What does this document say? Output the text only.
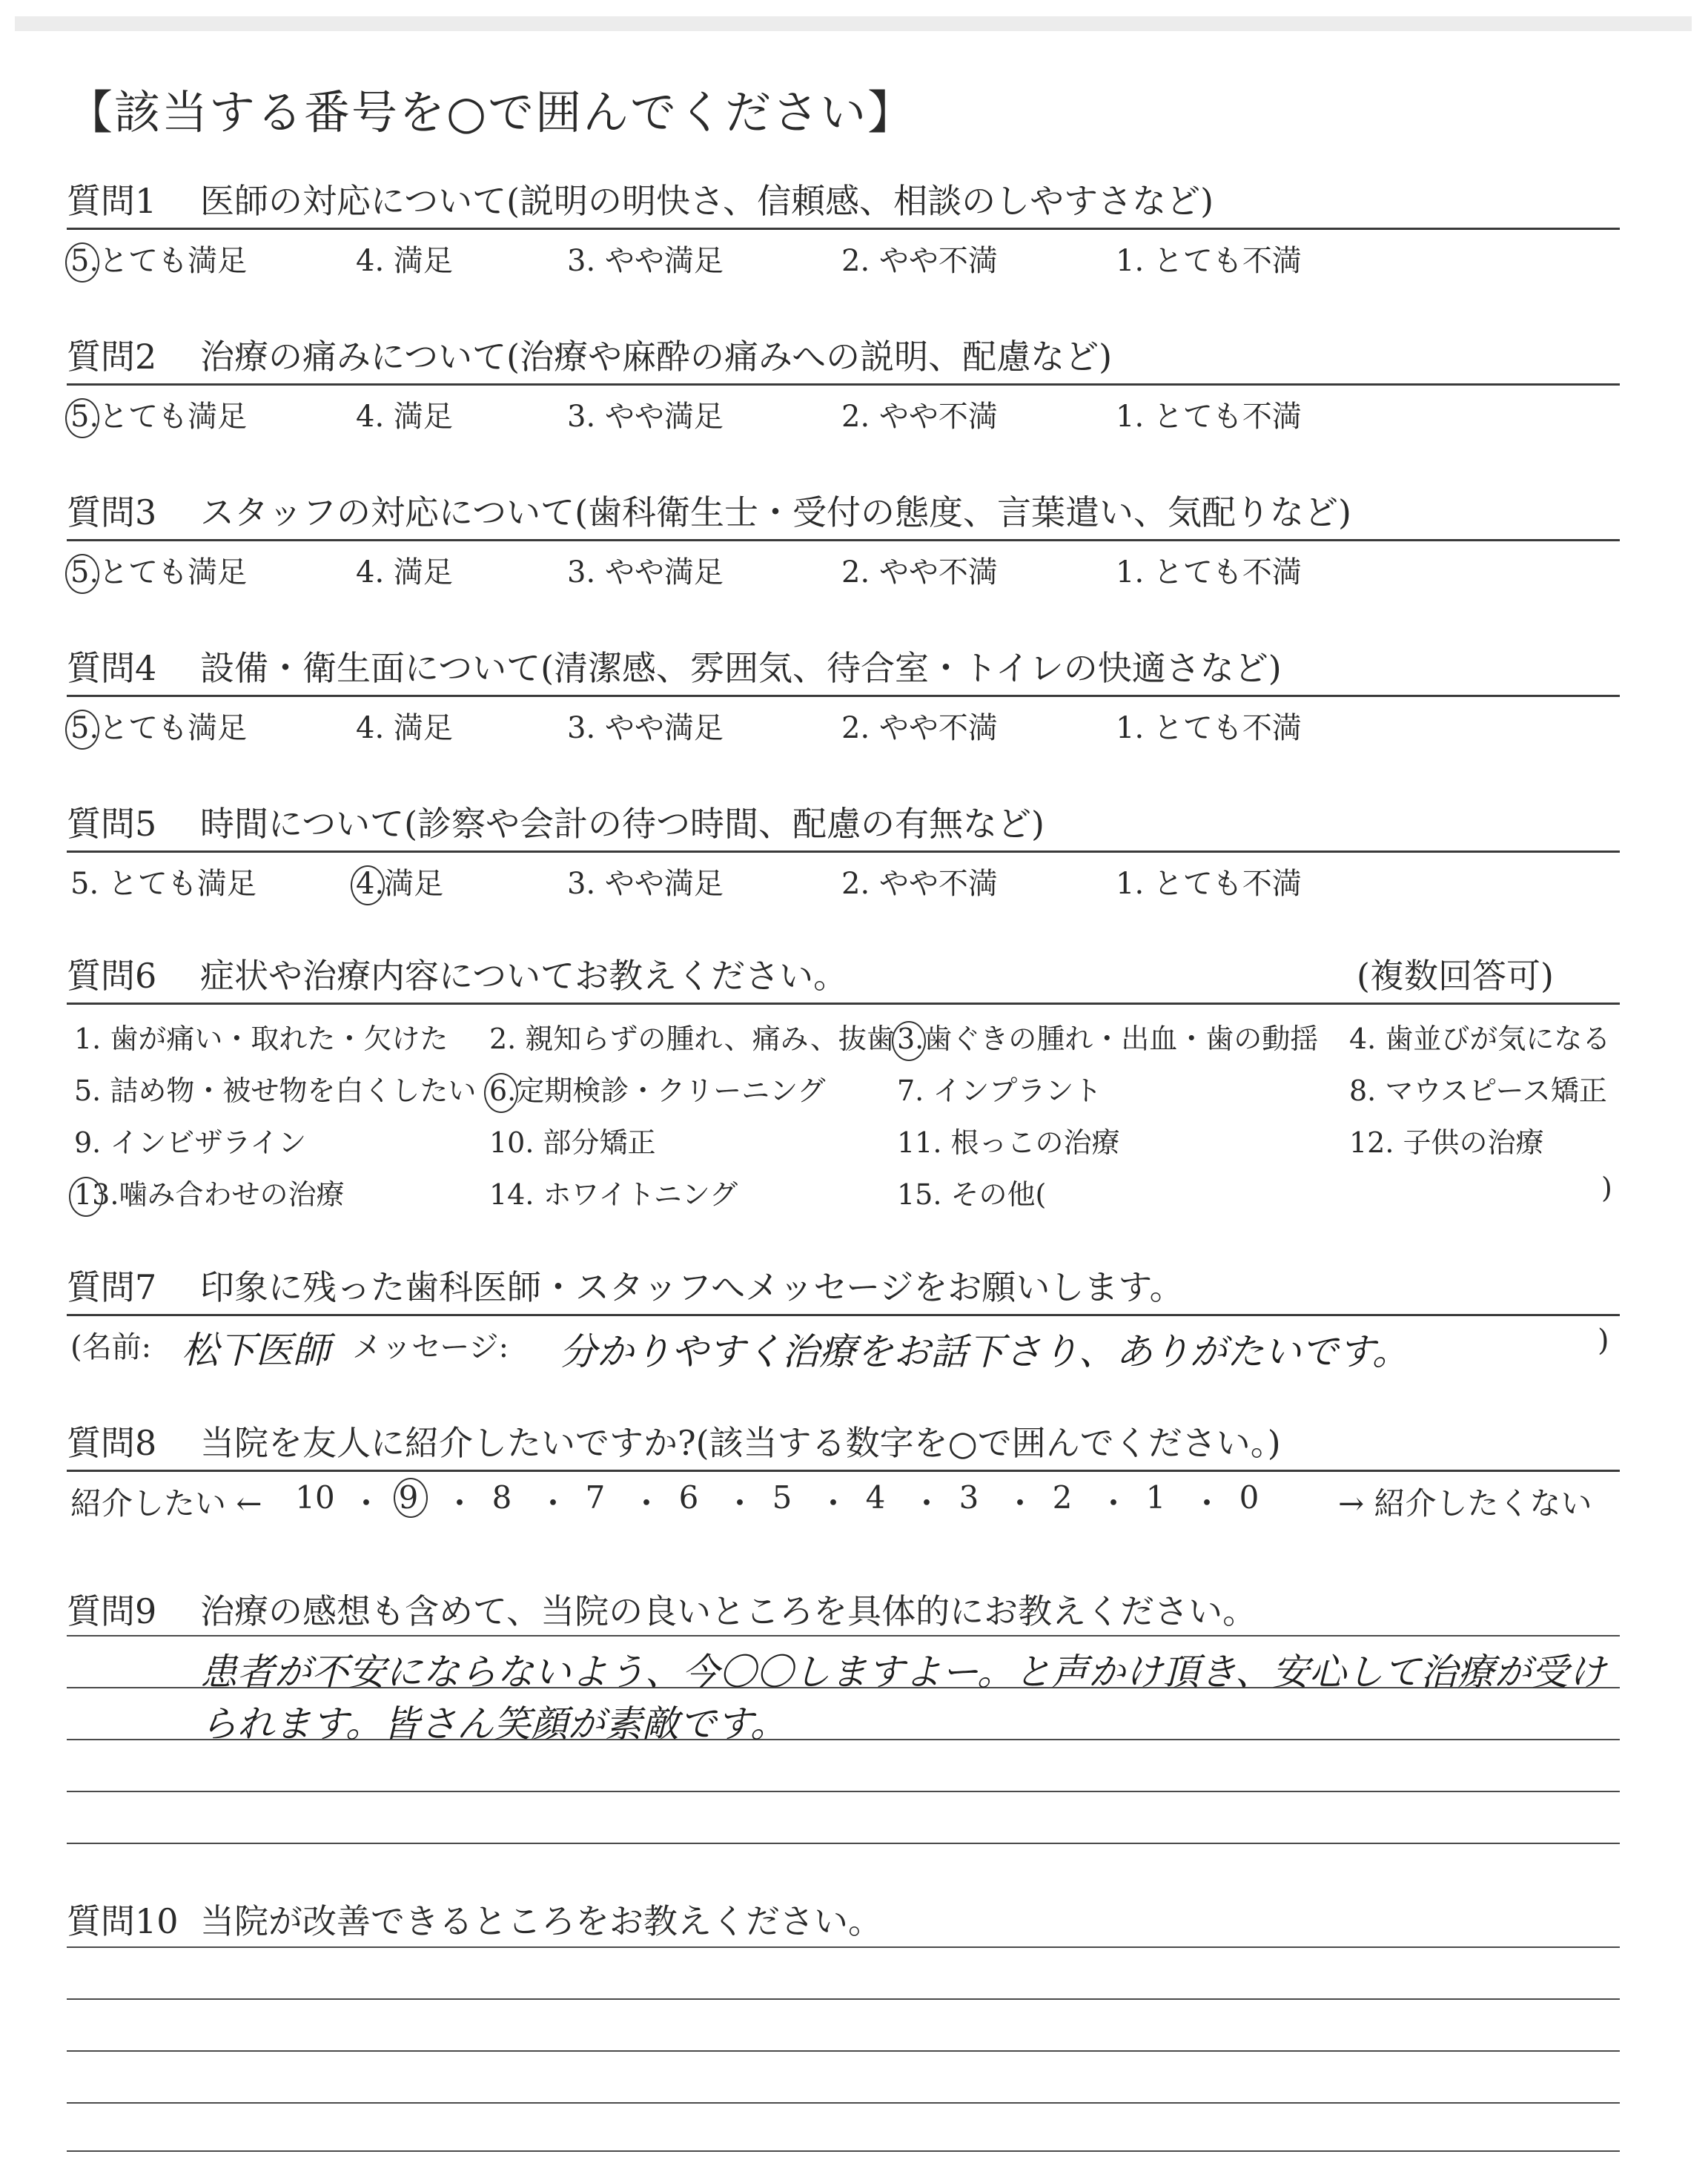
【該当する番号を○で囲んでください】
質問1 医師の対応について(説明の明快さ、信頼感、相談のしやすさなど)
5.とても満足	4. 満足	3. やや満足	2. やや不満	1. とても不満
質問2 治療の痛みについて(治療や麻酔の痛みへの説明、配慮など)
5.とても満足	4. 満足	3. やや満足	2. やや不満	1. とても不満
質問3 スタッフの対応について(歯科衛生士・受付の態度、言葉遣い、気配りなど)
5.とても満足	4. 満足	3. やや満足	2. やや不満	1. とても不満
質問4 設備・衛生面について(清潔感、雰囲気、待合室・トイレの快適さなど)
5.とても満足	4. 満足	3. やや満足	2. やや不満	1. とても不満
質問5 時間について(診察や会計の待つ時間、配慮の有無など)
5. とても満足	4.満足	3. やや満足	2. やや不満	1. とても不満
質問6 症状や治療内容についてお教えください。	(複数回答可)
1. 歯が痛い・取れた・欠けた 2. 親知らずの腫れ、痛み、抜歯 3.歯ぐきの腫れ・出血・歯の動揺 4. 歯並びが気になる
5. 詰め物・被せ物を白くしたい 6.定期検診・クリーニング	7. インプラント	8. マウスピース矯正
9. インビザライン	10. 部分矯正	11. 根っこの治療	12. 子供の治療
13.噛み合わせの治療	14. ホワイトニング	15. その他(	)
質問7 印象に残った歯科医師・スタッフへメッセージをお願いします。
(名前: 松下医師 メッセージ: 分かりやすく治療をお話下さり、ありがたいです。	)
質問8 当院を友人に紹介したいですか?(該当する数字を○で囲んでください。)
紹介したい ← 10 ・ 9 ・ 8 ・ 7 ・ 6 ・ 5 ・ 4 ・ 3 ・ 2 ・ 1 ・ 0	→ 紹介したくない
質問9 治療の感想も含めて、当院の良いところを具体的にお教えください。
患者が不安にならないよう、今〇〇しますよー。と声かけ頂き、安心して治療が受け
られます。皆さん笑顔が素敵です。
質問10 当院が改善できるところをお教えください。
